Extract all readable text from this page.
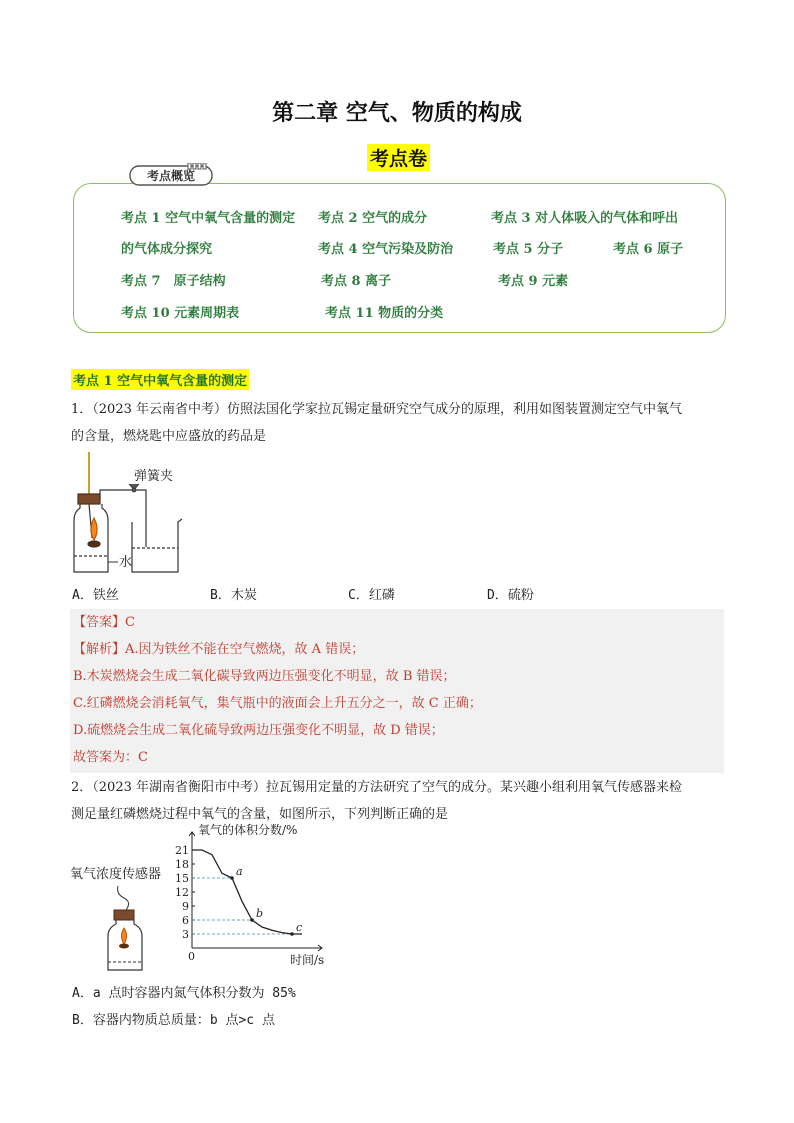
第二章 空气、物质的构成
考点卷
考点概览
考点 1 空气中氧气含量的测定 考点 2 空气的成分	考点 3 对人体吸入的气体和呼出
的气体成分探究	考点 4 空气污染及防治	考点 5 分子	考点 6 原子
考点 7　原子结构	考点 8 离子	考点 9 元素
考点 10 元素周期表	考点 11 物质的分类
考点 1 空气中氧气含量的测定
1．（2023 年云南省中考）仿照法国化学家拉瓦锡定量研究空气成分的原理，利用如图装置测定空气中氧气
的含量，燃烧匙中应盛放的药品是
弹簧夹
水
A．铁丝	B．木炭	C．红磷	D．硫粉
【答案】C
【解析】A.因为铁丝不能在空气燃烧，故 A 错误；
B.木炭燃烧会生成二氧化碳导致两边压强变化不明显，故 B 错误；
C.红磷燃烧会消耗氧气，集气瓶中的液面会上升五分之一，故 C 正确；
D.硫燃烧会生成二氧化硫导致两边压强变化不明显，故 D 错误；
故答案为：C
2．（2023 年湖南省衡阳市中考）拉瓦锡用定量的方法研究了空气的成分。某兴趣小组利用氧气传感器来检
测足量红磷燃烧过程中氧气的含量，如图所示，下列判断正确的是
氧气浓度传感器
氧气的体积分数/%
时间/s
0
3
6
9
12
15
18
21
a
b
c
A．a 点时容器内氮气体积分数为 85%
B．容器内物质总质量：b 点>c 点
